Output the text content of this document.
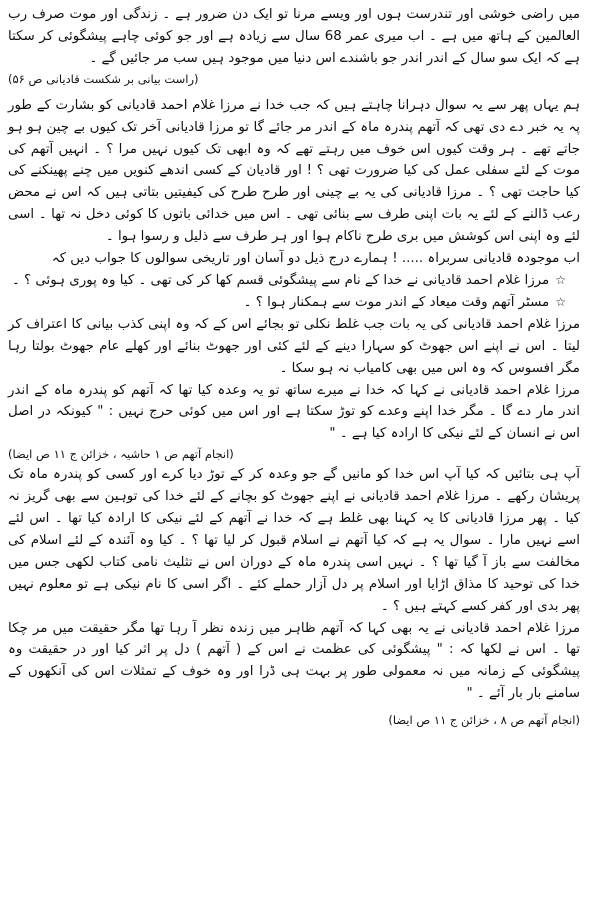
میں راضی خوشی اور تندرست ہوں اور ویسے مرنا تو ایک دن ضرور ہے ۔ زندگی اور موت صرف رب العالمین کے ہاتھ میں ہے ۔ اب میری عمر 68 سال سے زیادہ ہے اور جو کوئی چاہے پیشگوئی کر سکتا ہے کہ ایک سو سال کے اندر اندر جو باشندے اس دنیا میں موجود ہیں سب مر جائیں گے ۔

(راست بیانی بر شکست قادیانی ص ۵۶)

ہم یہاں پھر سے یہ سوال دہرانا چاہتے ہیں کہ جب خدا نے مرزا غلام احمد قادیانی کو بشارت کے طور پہ یہ خبر دے دی تھی کہ آتھم پندرہ ماہ کے اندر مر جائے گا تو مرزا قادیانی آخر تک کیوں بے چین ہو ہو جاتے تھے ۔ ہر وقت کیوں اس خوف میں رہتے تھے کہ وہ ابھی تک کیوں نہیں مرا ؟ ۔ انہیں آتھم کی موت کے لئے سفلی عمل کی کیا ضرورت تھی ؟ ! اور قادیان کے کسی اندھے کنویں میں چنے پھینکنے کی کیا حاجت تھی ؟ ۔ مرزا قادیانی کی یہ بے چینی اور طرح طرح کی کیفیتیں بتاتی ہیں کہ اس نے محض رعب ڈالنے کے لئے یہ بات اپنی طرف سے بنائی تھی ۔ اس میں خدائی باتوں کا کوئی دخل نہ تھا ۔ اسی لئے وہ اپنی اس کوشش میں بری طرح ناکام ہوا اور ہر طرف سے ذلیل و رسوا ہوا ۔

اب موجودہ قادیانی سربراہ ..... ! ہمارے درج ذیل دو آسان اور تاریخی سوالوں کا جواب دیں کہ

☆مرزا غلام احمد قادیانی نے خدا کے نام سے پیشگوئی قسم کھا کر کی تھی ۔ کیا وہ پوری ہوئی ؟ ۔

☆مسٹر آتھم وقت میعاد کے اندر موت سے ہمکنار ہوا ؟ ۔

مرزا غلام احمد قادیانی کی یہ بات جب غلط نکلی تو بجائے اس کے کہ وہ اپنی کذب بیانی کا اعتراف کر لیتا ۔ اس نے اپنے اس جھوٹ کو سہارا دینے کے لئے کئی اور جھوٹ بنائے اور کھلے عام جھوٹ بولتا رہا مگر افسوس کہ وہ اس میں بھی کامیاب نہ ہو سکا ۔

مرزا غلام احمد قادیانی نے کہا کہ خدا نے میرے ساتھ تو یہ وعدہ کیا تھا کہ آتھم کو پندرہ ماہ کے اندر اندر مار دے گا ۔ مگر خدا اپنے وعدے کو توڑ سکتا ہے اور اس میں کوئی حرج نہیں : " کیونکہ در اصل اس نے انسان کے لئے نیکی کا ارادہ کیا ہے ۔ "

(انجام آتھم ص ۱ حاشیہ ، خزائن ج ۱۱ ص ایضا)

آپ ہی بتائیں کہ کیا آپ اس خدا کو مانیں گے جو وعدہ کر کے توڑ دیا کرے اور کسی کو پندرہ ماہ تک پریشان رکھے ۔ مرزا غلام احمد قادیانی نے اپنے جھوٹ کو بچانے کے لئے خدا کی توہین سے بھی گریز نہ کیا ۔ پھر مرزا قادیانی کا یہ کہنا بھی غلط ہے کہ خدا نے آتھم کے لئے نیکی کا ارادہ کیا تھا ۔ اس لئے اسے نہیں مارا ۔ سوال یہ ہے کہ کیا آتھم نے اسلام قبول کر لیا تھا ؟ ۔ کیا وہ آئندہ کے لئے اسلام کی مخالفت سے باز آ گیا تھا ؟ ۔ نہیں اسی پندرہ ماہ کے دوران اس نے تثلیث نامی کتاب لکھی جس میں خدا کی توحید کا مذاق اڑایا اور اسلام پر دل آزار حملے کئے ۔ اگر اسی کا نام نیکی ہے تو معلوم نہیں پھر بدی اور کفر کسے کہتے ہیں ؟ ۔

مرزا غلام احمد قادیانی نے یہ بھی کہا کہ آتھم ظاہر میں زندہ نظر آ رہا تھا مگر حقیقت میں مر چکا تھا ۔ اس نے لکھا کہ : " پیشگوئی کی عظمت نے اس کے ( آتھم ) دل پر اثر کیا اور در حقیقت وہ پیشگوئی کے زمانہ میں نہ معمولی طور پر بہت ہی ڈرا اور وہ خوف کے تمثلات اس کی آنکھوں کے سامنے بار بار آئے ۔ "

(انجام آتھم ص ۸ ، خزائن ج ۱۱ ص ایضا)
